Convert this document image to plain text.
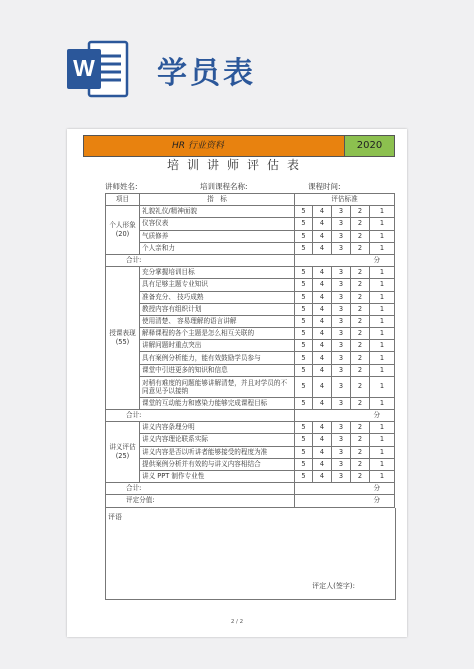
W 学员表
HR 行业资料	2020
培训讲师评估表
讲师姓名:	培训课程名称:	课程时间:
项目	指　标	评估标准				
个人形象(20)	礼貌礼仪/精神面貌	5	4	3	2	1
	仪容仪表	5	4	3	2	1
	气质修养	5	4	3	2	1
	个人亲和力	5	4	3	2	1
合计:		分				
授课表现(55)	充分掌握培训目标	5	4	3	2	1
	具有足够主题专业知识	5	4	3	2	1
	准备充分、 技巧成熟	5	4	3	2	1
	教授内容有组织计划	5	4	3	2	1
	使用清楚、 容易理解的语言讲解	5	4	3	2	1
	解释课程的各个主题是怎么相互关联的	5	4	3	2	1
	讲解问题时重点突出	5	4	3	2	1
	具有案例分析能力，能有效鼓励学员参与	5	4	3	2	1
	课堂中引进更多的知识和信息	5	4	3	2	1
	对稍有难度的问题能够讲解清楚，并且对学员的不同意见予以接纳	5	4	3	2	1
	课堂的互动能力和感染力能够完成课程目标	5	4	3	2	1
合计:		分				
讲义评估(25)	讲义内容条理分明	5	4	3	2	1
	讲义内容理论联系实际	5	4	3	2	1
	讲义内容是否以听讲者能够接受的程度为准	5	4	3	2	1
	提供案例分析并有效的与讲义内容相结合	5	4	3	2	1
	讲义 PPT 制作专业性	5	4	3	2	1
合计:		分				
评定分值:		分				
评语
评定人(签字):
2 / 2
